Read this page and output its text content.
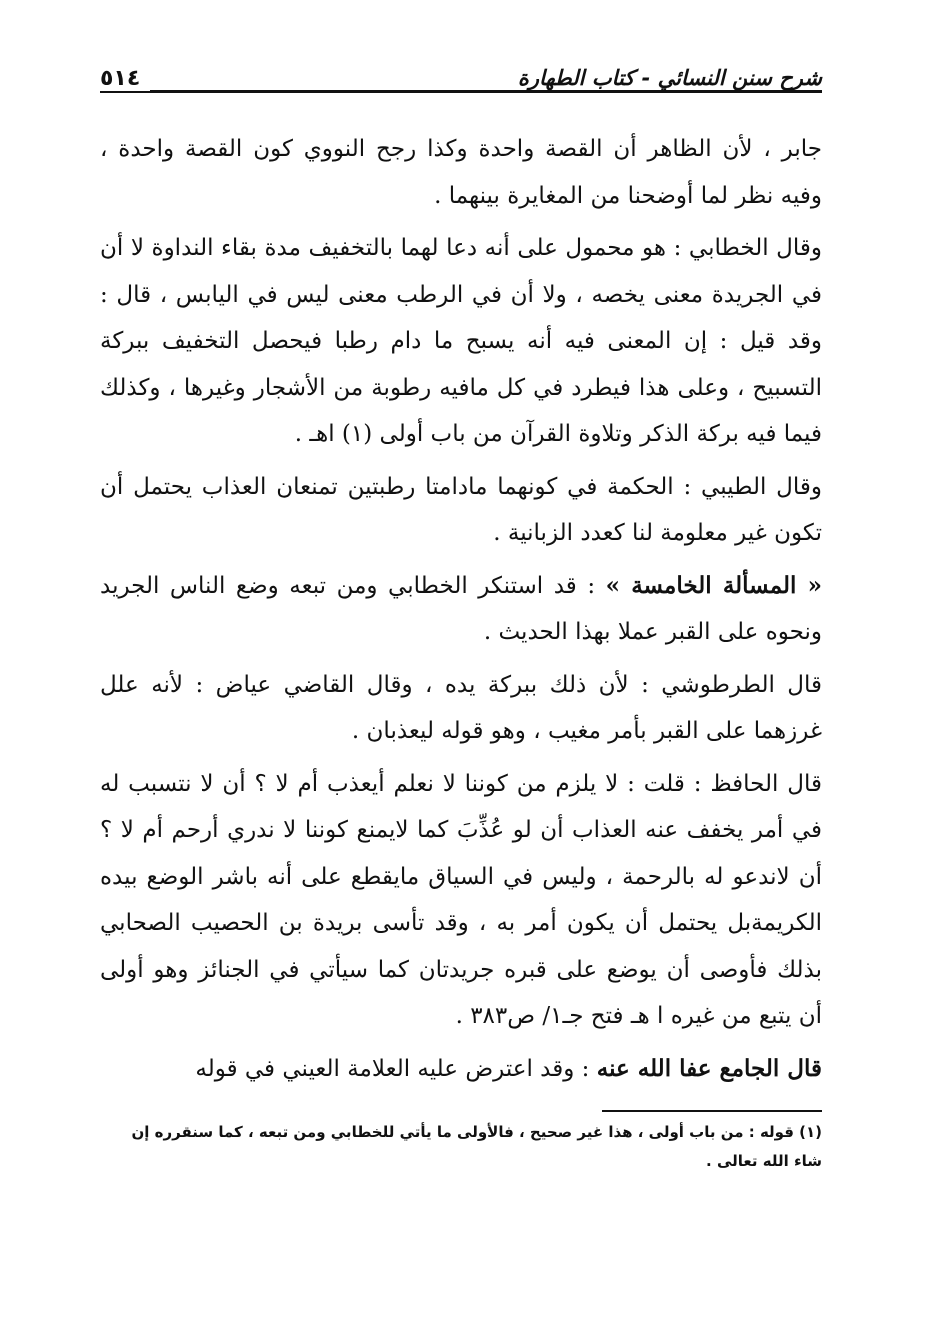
شرح سنن النسائي - كتاب الطهارة
٥١٤

جابر ، لأن الظاهر أن القصة واحدة وكذا رجح النووي كون القصة واحدة ، وفيه نظر لما أوضحنا من المغايرة بينهما .

وقال الخطابي : هو محمول على أنه دعا لهما بالتخفيف مدة بقاء النداوة لا أن في الجريدة معنى يخصه ، ولا أن في الرطب معنى ليس في اليابس ، قال : وقد قيل : إن المعنى فيه أنه يسبح ما دام رطبا فيحصل التخفيف ببركة التسبيح ، وعلى هذا فيطرد في كل مافيه رطوبة من الأشجار وغيرها ، وكذلك فيما فيه بركة الذكر وتلاوة القرآن من باب أولى (١) اهـ .

وقال الطيبي : الحكمة في كونهما مادامتا رطبتين تمنعان العذاب يحتمل أن تكون غير معلومة لنا كعدد الزبانية .

« المسألة الخامسة » : قد استنكر الخطابي ومن تبعه وضع الناس الجريد ونحوه على القبر عملا بهذا الحديث .

قال الطرطوشي : لأن ذلك ببركة يده ، وقال القاضي عياض : لأنه علل غرزهما على القبر بأمر مغيب ، وهو قوله ليعذبان .

قال الحافظ : قلت : لا يلزم من كوننا لا نعلم أيعذب أم لا ؟ أن لا نتسبب له في أمر يخفف عنه العذاب أن لو عُذِّبَ كما لايمنع كوننا لا ندري أرحم أم لا ؟ أن لاندعو له بالرحمة ، وليس في السياق مايقطع على أنه باشر الوضع بيده الكريمةبل يحتمل أن يكون أمر به ، وقد تأسى بريدة بن الحصيب الصحابي بذلك فأوصى أن يوضع على قبره جريدتان كما سيأتي في الجنائز وهو أولى أن يتبع من غيره ا هـ فتح جـ١/ ص٣٨٣ .

قال الجامع عفا الله عنه : وقد اعترض عليه العلامة العيني في قوله

(١) قوله : من باب أولى ، هذا غير صحيح ، فالأولى ما يأتي للخطابي ومن تبعه ، كما سنقرره إن شاء الله تعالى .
